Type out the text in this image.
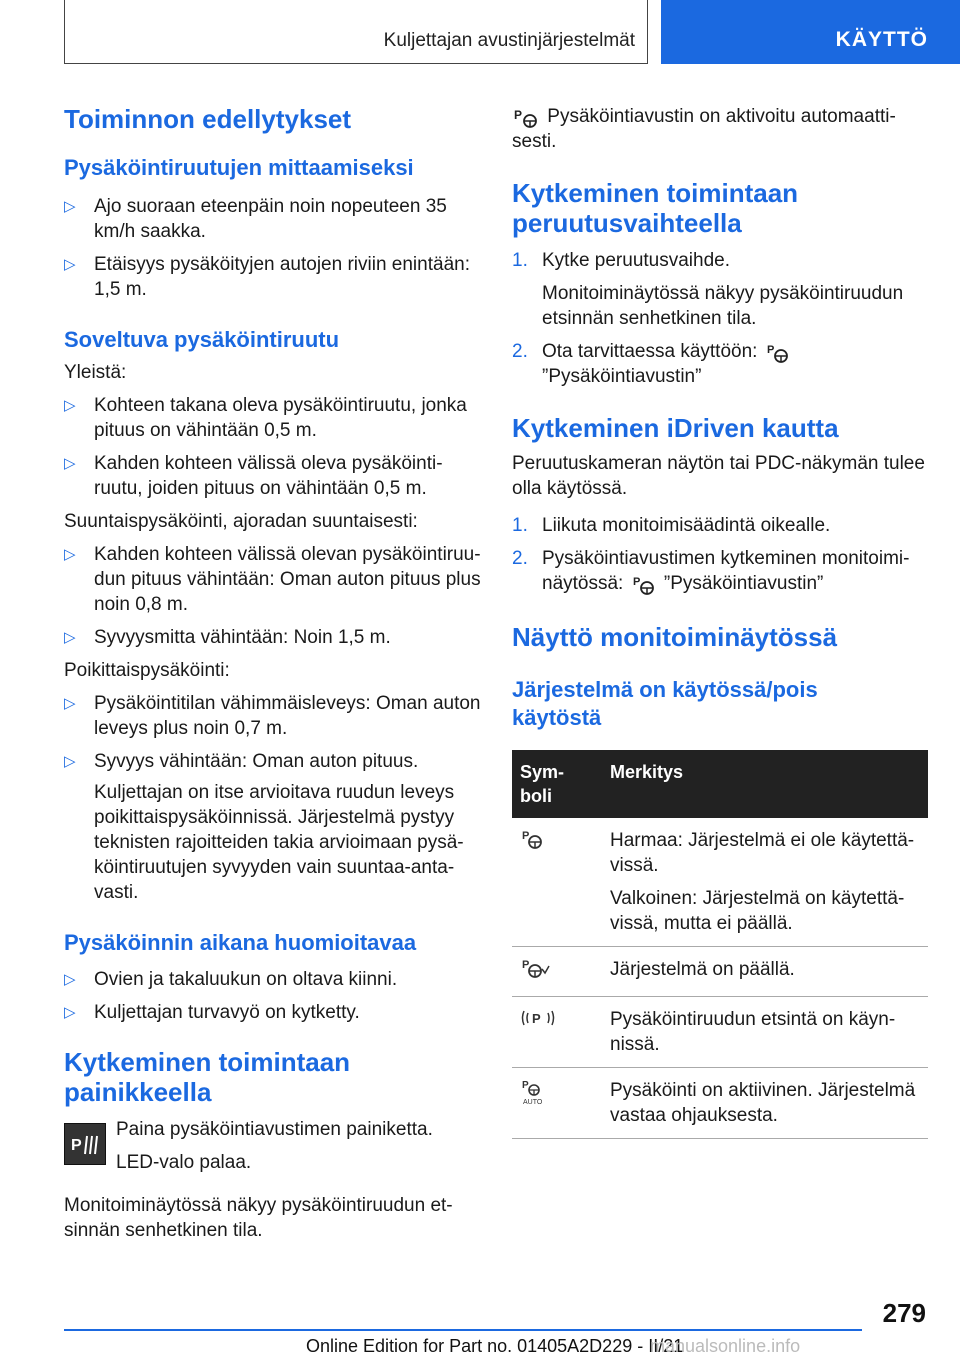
Kuljettajan avustinjärjestelmät	KÄYTTÖ
Toiminnon edellytykset
Pysäköintiruutujen mittaamiseksi
▷ Ajo suoraan eteenpäin noin nopeuteen 35 km/h saakka.
▷ Etäisyys pysäköityjen autojen riviin enintään: 1,5 m.
Soveltuva pysäköintiruutu

Yleistä:

▷ Kohteen takana oleva pysäköintiruutu, jonka pituus on vähintään 0,5 m.
▷ Kahden kohteen välissä oleva pysäköinti-ruutu, joiden pituus on vähintään 0,5 m.

Suuntaispysäköinti, ajoradan suuntaisesti:

▷ Kahden kohteen välissä olevan pysäköintiruu-dun pituus vähintään: Oman auton pituus plus noin 0,8 m.
▷ Syvyysmitta vähintään: Noin 1,5 m.

Poikittaispysäköinti:

▷ Pysäköintitilan vähimmäisleveys: Oman auton leveys plus noin 0,7 m.
▷ Syvyys vähintään: Oman auton pituus.

Kuljettajan on itse arvioitava ruudun leveys poikittaispysäköinnissä. Järjestelmä pystyy teknisten rajoitteiden takia arvioimaan pysä-köintiruutujen syvyyden vain suuntaa-anta-vasti.

Pysäköinnin aikana huomioitavaa
▷ Ovien ja takaluukun on oltava kiinni.
▷ Kuljettajan turvavyö on kytketty.
Kytkeminen toimintaan painikkeella
P

Paina pysäköintiavustimen painiketta.

LED-valo palaa.

Monitoiminäytössä näkyy pysäköintiruudun et-sinnän senhetkinen tila.

P Pysäköintiavustin on aktivoitu automaatti-sesti.

Kytkeminen toimintaan peruutusvaihteella
1. Kytke peruutusvaihde.

Monitoiminäytössä näkyy pysäköintiruudun etsinnän senhetkinen tila.

2. Ota tarvittaessa käyttöön: P

”Pysäköintiavustin”
Kytkeminen iDriven kautta

Peruutuskameran näytön tai PDC-näkymän tulee olla käytössä.

1. Liikuta monitoimisäädintä oikealle.
2. Pysäköintiavustimen kytkeminen monitoimi-näytössä: P ”Pysäköintiavustin”
Näyttö monitoiminäytössä
Järjestelmä on käytössä/pois käytöstä
Sym-boli	Merkitys

P	Harmaa: Järjestelmä ei ole käytettä-vissä.
Valkoinen: Järjestelmä on käytettä-vissä, mutta ei päällä.

P	Järjestelmä on päällä.

P	Pysäköintiruudun etsintä on käyn-nissä.

P
AUTO	Pysäköinti on aktiivinen. Järjestelmä vastaa ohjauksesta.
279
Online Edition for Part no. 01405A2D229 - II/21
manualsonline.info
